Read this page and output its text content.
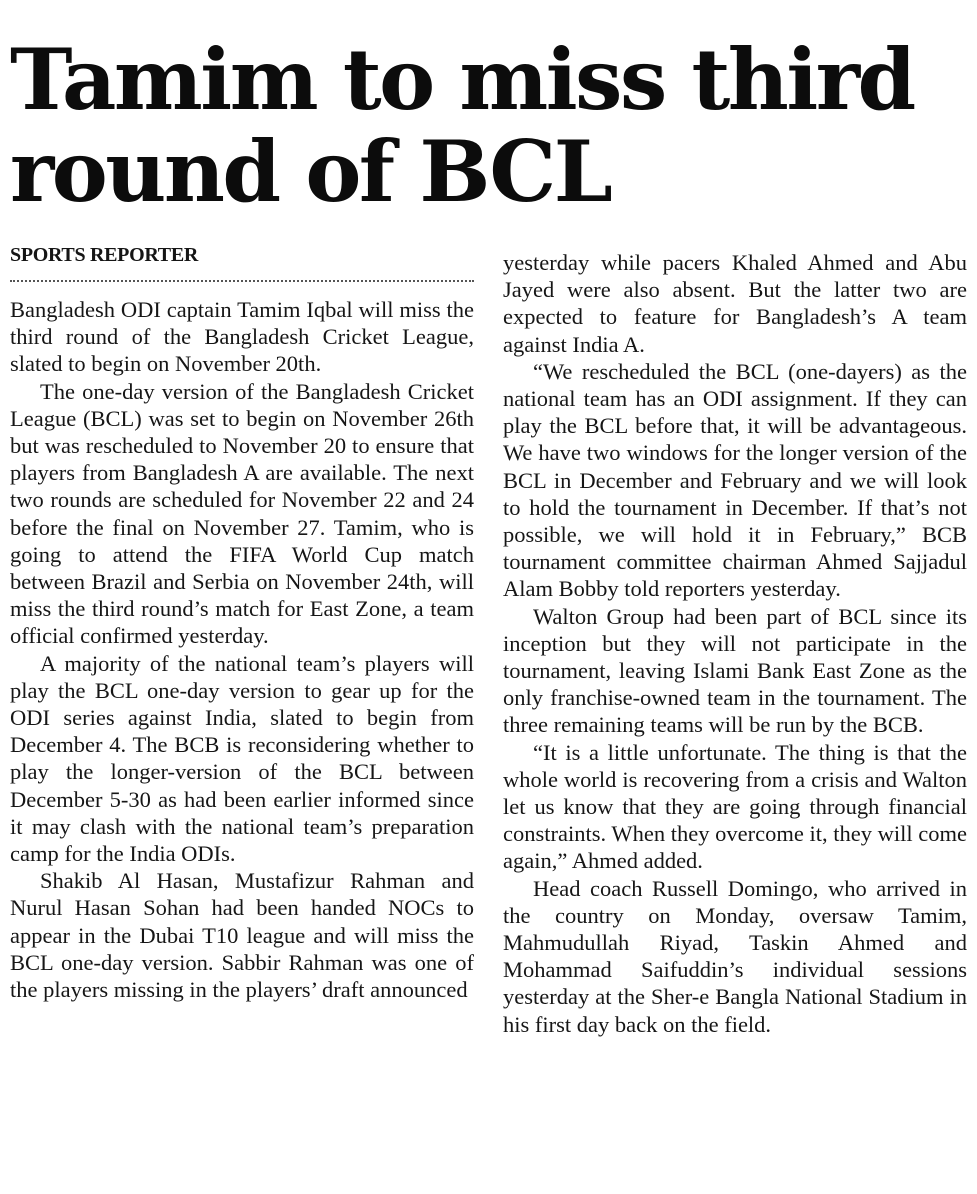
Tamim to miss third round of BCL
SPORTS REPORTER

Bangladesh ODI captain Tamim Iqbal will miss the third round of the Bangladesh Cricket League, slated to begin on November 20th.

The one-day version of the Bangladesh Cricket League (BCL) was set to begin on November 26th but was rescheduled to November 20 to ensure that players from Bangladesh A are available. The next two rounds are scheduled for November 22 and 24 before the final on November 27. Tamim, who is going to attend the FIFA World Cup match between Brazil and Serbia on November 24th, will miss the third round’s match for East Zone, a team official confirmed yesterday.

A majority of the national team’s players will play the BCL one-day version to gear up for the ODI series against India, slated to begin from December 4. The BCB is reconsidering whether to play the longer-version of the BCL between December 5-30 as had been earlier informed since it may clash with the national team’s preparation camp for the India ODIs.

Shakib Al Hasan, Mustafizur Rahman and Nurul Hasan Sohan had been handed NOCs to appear in the Dubai T10 league and will miss the BCL one-day version. Sabbir Rahman was one of the players missing in the players’ draft announced

yesterday while pacers Khaled Ahmed and Abu Jayed were also absent. But the latter two are expected to feature for Bangladesh’s A team against India A.

“We rescheduled the BCL (one-dayers) as the national team has an ODI assignment. If they can play the BCL before that, it will be advantageous. We have two windows for the longer version of the BCL in December and February and we will look to hold the tournament in December. If that’s not possible, we will hold it in February,” BCB tournament committee chairman Ahmed Sajjadul Alam Bobby told reporters yesterday.

Walton Group had been part of BCL since its inception but they will not participate in the tournament, leaving Islami Bank East Zone as the only franchise-owned team in the tournament. The three remaining teams will be run by the BCB.

“It is a little unfortunate. The thing is that the whole world is recovering from a crisis and Walton let us know that they are going through financial constraints. When they overcome it, they will come again,” Ahmed added.

Head coach Russell Domingo, who arrived in the country on Monday, oversaw Tamim, Mahmudullah Riyad, Taskin Ahmed and Mohammad Saifuddin’s individual sessions yesterday at the Sher-e Bangla National Stadium in his first day back on the field.
